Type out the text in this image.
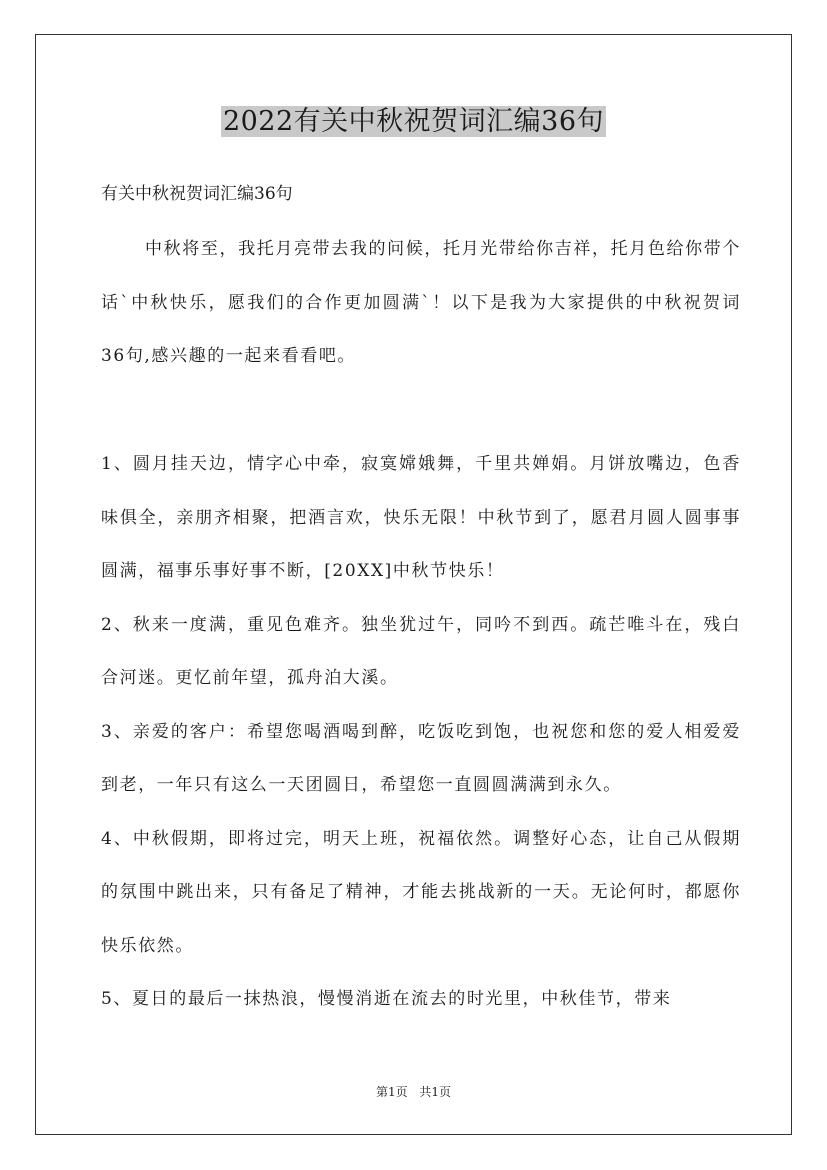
2022有关中秋祝贺词汇编36句
有关中秋祝贺词汇编36句

中秋将至，我托月亮带去我的问候，托月光带给你吉祥，托月色给你带个话`中秋快乐，愿我们的合作更加圆满`！以下是我为大家提供的中秋祝贺词36句,感兴趣的一起来看看吧。

1、圆月挂天边，情字心中牵，寂寞嫦娥舞，千里共婵娟。月饼放嘴边，色香味俱全，亲朋齐相聚，把酒言欢，快乐无限！中秋节到了，愿君月圆人圆事事圆满，福事乐事好事不断，[20XX]中秋节快乐！

2、秋来一度满，重见色难齐。独坐犹过午，同吟不到西。疏芒唯斗在，残白合河迷。更忆前年望，孤舟泊大溪。

3、亲爱的客户：希望您喝酒喝到醉，吃饭吃到饱，也祝您和您的爱人相爱爱到老，一年只有这么一天团圆日，希望您一直圆圆满满到永久。

4、中秋假期，即将过完，明天上班，祝福依然。调整好心态，让自己从假期的氛围中跳出来，只有备足了精神，才能去挑战新的一天。无论何时，都愿你快乐依然。

5、夏日的最后一抹热浪，慢慢消逝在流去的时光里，中秋佳节，带来

第1页 共1页
